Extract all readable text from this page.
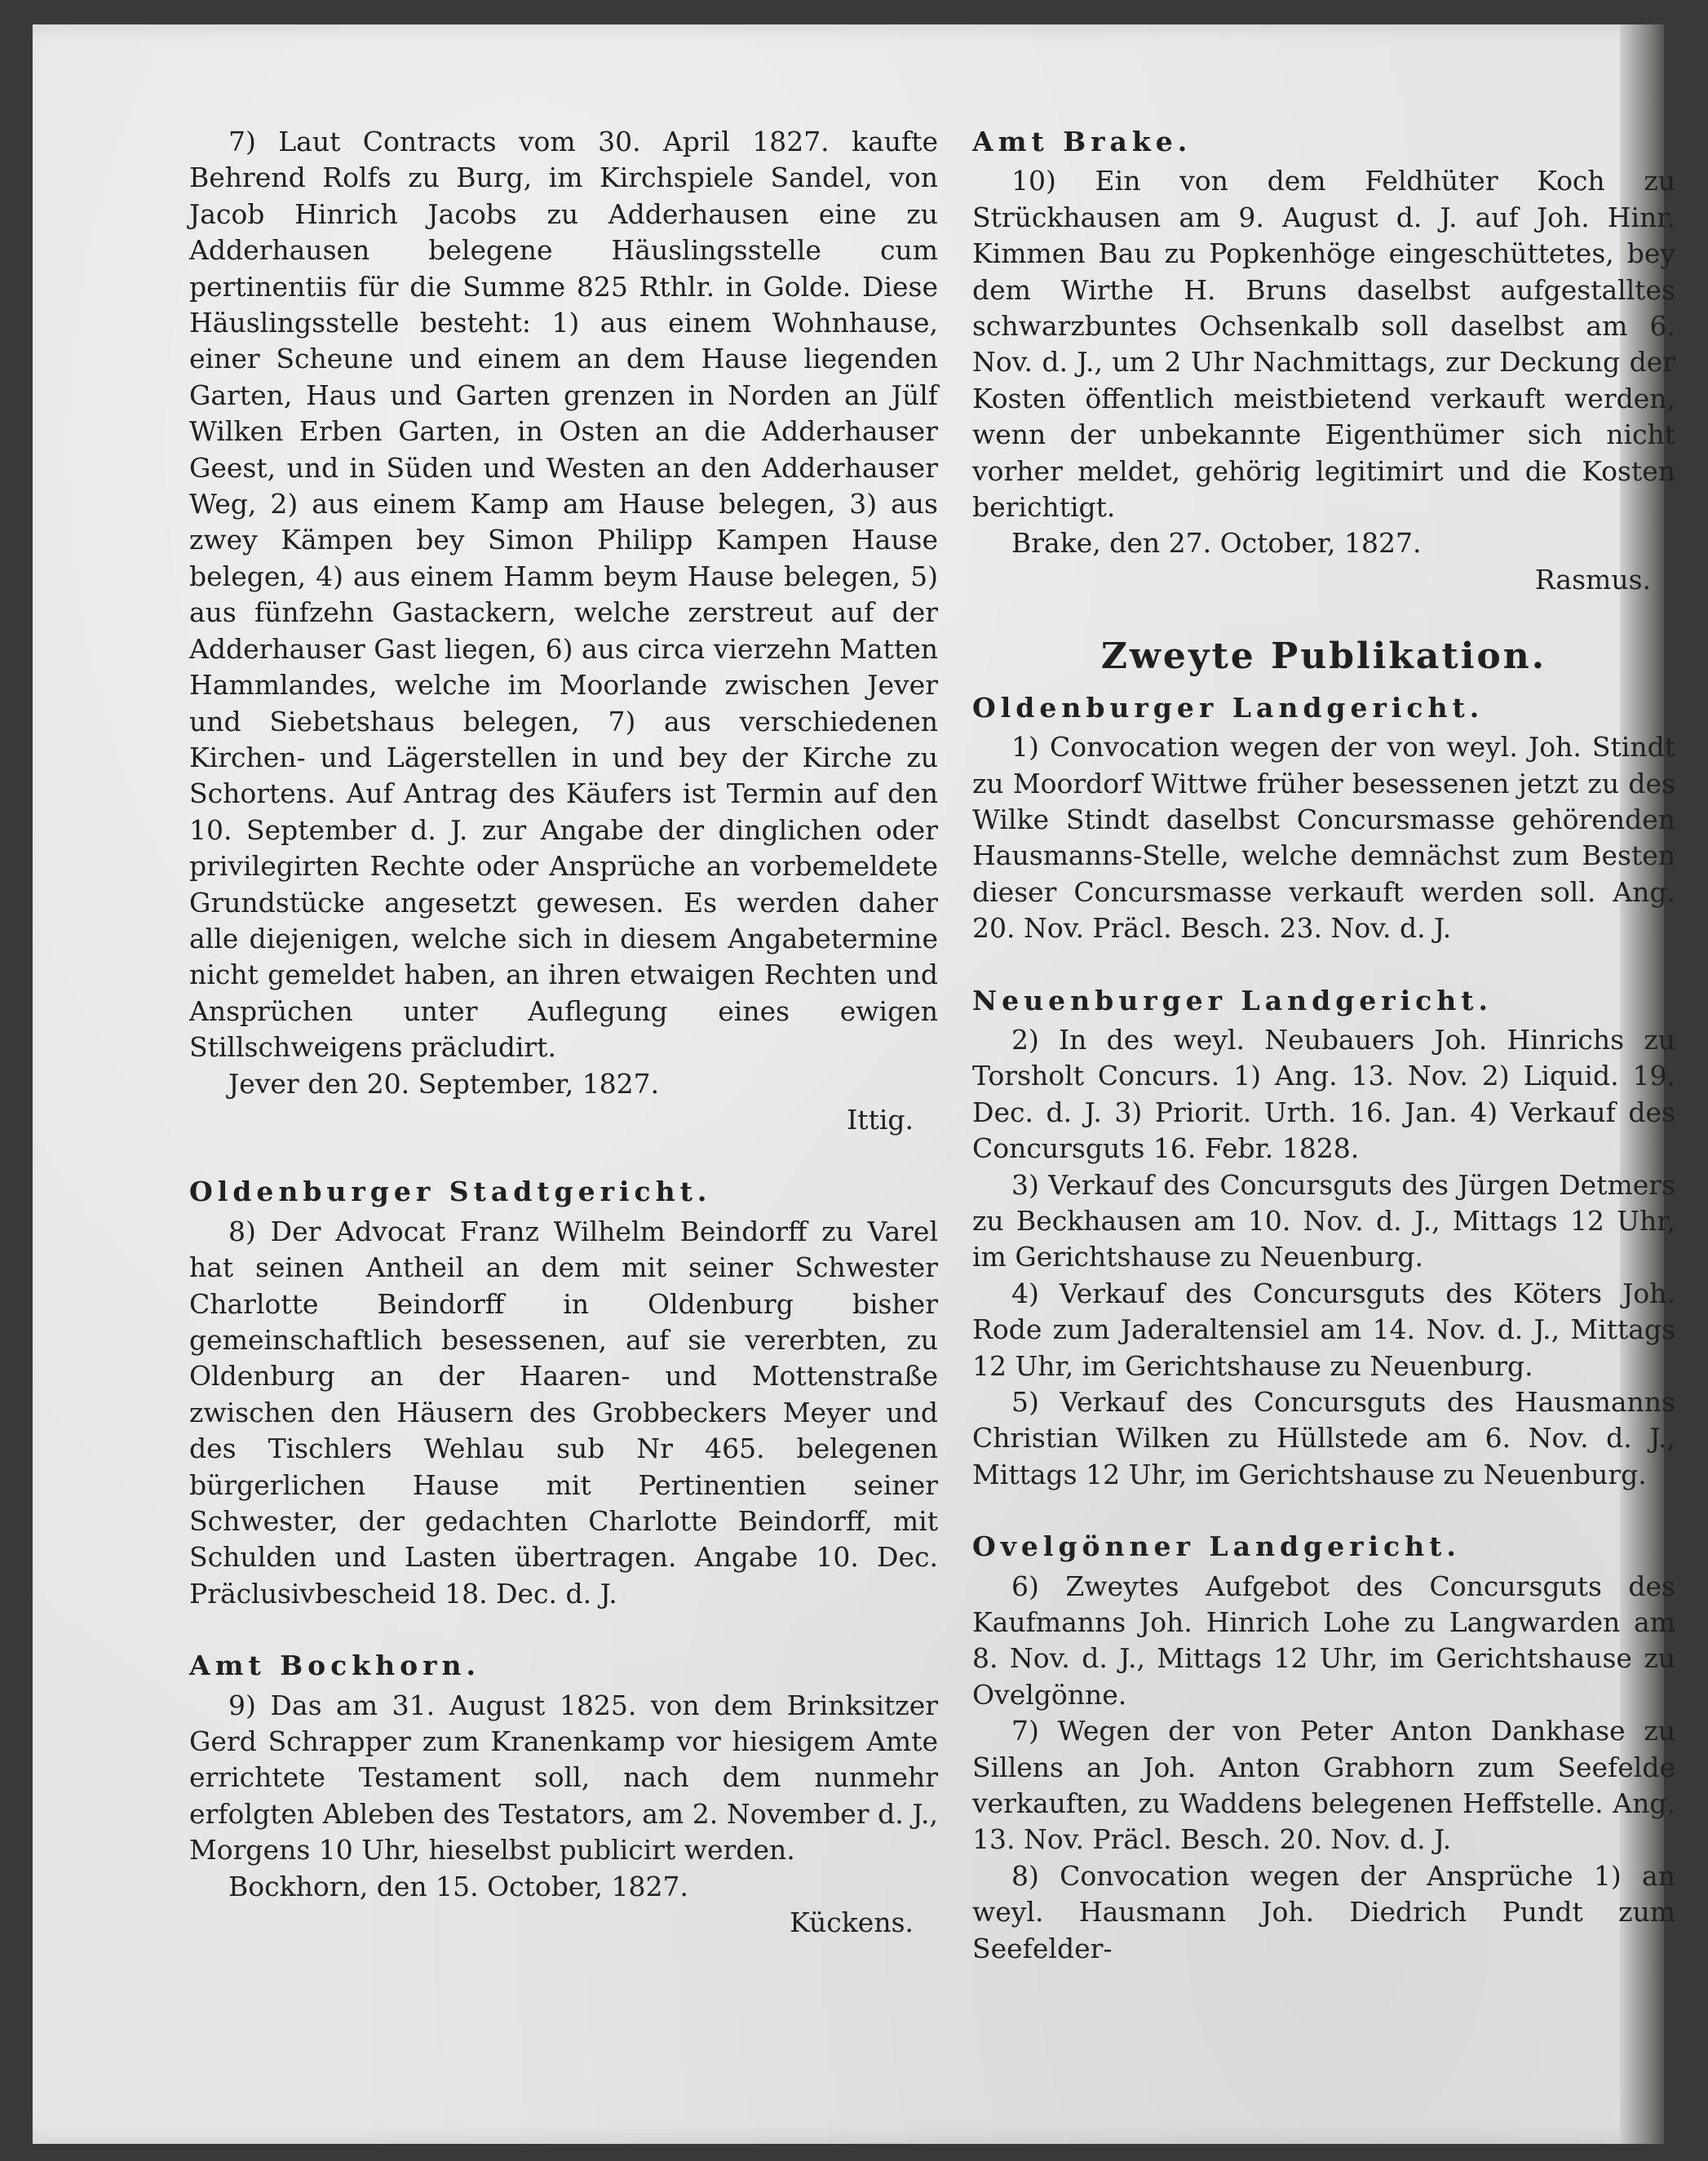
7) Laut Contracts vom 30. April 1827. kaufte Behrend Rolfs zu Burg, im Kirchspiele Sandel, von Jacob Hinrich Jacobs zu Adderhausen eine zu Adderhausen belegene Häuslingsstelle cum pertinentiis für die Summe 825 Rthlr. in Golde. Diese Häuslingsstelle besteht: 1) aus einem Wohnhause, einer Scheune und einem an dem Hause liegenden Garten, Haus und Garten grenzen in Norden an Jülf Wilken Erben Garten, in Osten an die Adderhauser Geest, und in Süden und Westen an den Adderhauser Weg, 2) aus einem Kamp am Hause belegen, 3) aus zwey Kämpen bey Simon Philipp Kampen Hause belegen, 4) aus einem Hamm beym Hause belegen, 5) aus fünfzehn Gastackern, welche zerstreut auf der Adderhauser Gast liegen, 6) aus circa vierzehn Matten Hammlandes, welche im Moorlande zwischen Jever und Siebetshaus belegen, 7) aus verschiedenen Kirchen- und Lägerstellen in und bey der Kirche zu Schortens. Auf Antrag des Käufers ist Termin auf den 10. September d. J. zur Angabe der dinglichen oder privilegirten Rechte oder Ansprüche an vorbemeldete Grundstücke angesetzt gewesen. Es werden daher alle diejenigen, welche sich in diesem Angabetermine nicht gemeldet haben, an ihren etwaigen Rechten und Ansprüchen unter Auflegung eines ewigen Stillschweigens präcludirt.

Jever den 20. September, 1827.

Ittig.

Oldenburger Stadtgericht.

8) Der Advocat Franz Wilhelm Beindorff zu Varel hat seinen Antheil an dem mit seiner Schwester Charlotte Beindorff in Oldenburg bisher gemeinschaftlich besessenen, auf sie vererbten, zu Oldenburg an der Haaren- und Mottenstraße zwischen den Häusern des Grobbeckers Meyer und des Tischlers Wehlau sub Nr 465. belegenen bürgerlichen Hause mit Pertinentien seiner Schwester, der gedachten Charlotte Beindorff, mit Schulden und Lasten übertragen. Angabe 10. Dec. Präclusivbescheid 18. Dec. d. J.

Amt Bockhorn.

9) Das am 31. August 1825. von dem Brinksitzer Gerd Schrapper zum Kranenkamp vor hiesigem Amte errichtete Testament soll, nach dem nunmehr erfolgten Ableben des Testators, am 2. November d. J., Morgens 10 Uhr, hieselbst publicirt werden.

Bockhorn, den 15. October, 1827.

Kückens.

Amt Brake.

10) Ein von dem Feldhüter Koch zu Strückhausen am 9. August d. J. auf Joh. Hinr. Kimmen Bau zu Popkenhöge eingeschüttetes, bey dem Wirthe H. Bruns daselbst aufgestalltes schwarzbuntes Ochsenkalb soll daselbst am 6. Nov. d. J., um 2 Uhr Nachmittags, zur Deckung der Kosten öffentlich meistbietend verkauft werden, wenn der unbekannte Eigenthümer sich nicht vorher meldet, gehörig legitimirt und die Kosten berichtigt.

Brake, den 27. October, 1827.

Rasmus.

Zweyte Publikation.

Oldenburger Landgericht.

1) Convocation wegen der von weyl. Joh. Stindt zu Moordorf Wittwe früher besessenen jetzt zu des Wilke Stindt daselbst Concursmasse gehörenden Hausmanns-Stelle, welche demnächst zum Besten dieser Concursmasse verkauft werden soll. Ang. 20. Nov. Präcl. Besch. 23. Nov. d. J.

Neuenburger Landgericht.

2) In des weyl. Neubauers Joh. Hinrichs zu Torsholt Concurs. 1) Ang. 13. Nov. 2) Liquid. 19. Dec. d. J. 3) Priorit. Urth. 16. Jan. 4) Verkauf des Concursguts 16. Febr. 1828.

3) Verkauf des Concursguts des Jürgen Detmers zu Beckhausen am 10. Nov. d. J., Mittags 12 Uhr, im Gerichtshause zu Neuenburg.

4) Verkauf des Concursguts des Köters Joh. Rode zum Jaderaltensiel am 14. Nov. d. J., Mittags 12 Uhr, im Gerichtshause zu Neuenburg.

5) Verkauf des Concursguts des Hausmanns Christian Wilken zu Hüllstede am 6. Nov. d. J., Mittags 12 Uhr, im Gerichtshause zu Neuenburg.

Ovelgönner Landgericht.

6) Zweytes Aufgebot des Concursguts des Kaufmanns Joh. Hinrich Lohe zu Langwarden am 8. Nov. d. J., Mittags 12 Uhr, im Gerichtshause zu Ovelgönne.

7) Wegen der von Peter Anton Dankhase zu Sillens an Joh. Anton Grabhorn zum Seefelde verkauften, zu Waddens belegenen Heffstelle. Ang. 13. Nov. Präcl. Besch. 20. Nov. d. J.

8) Convocation wegen der Ansprüche 1) an weyl. Hausmann Joh. Diedrich Pundt zum Seefelder-
